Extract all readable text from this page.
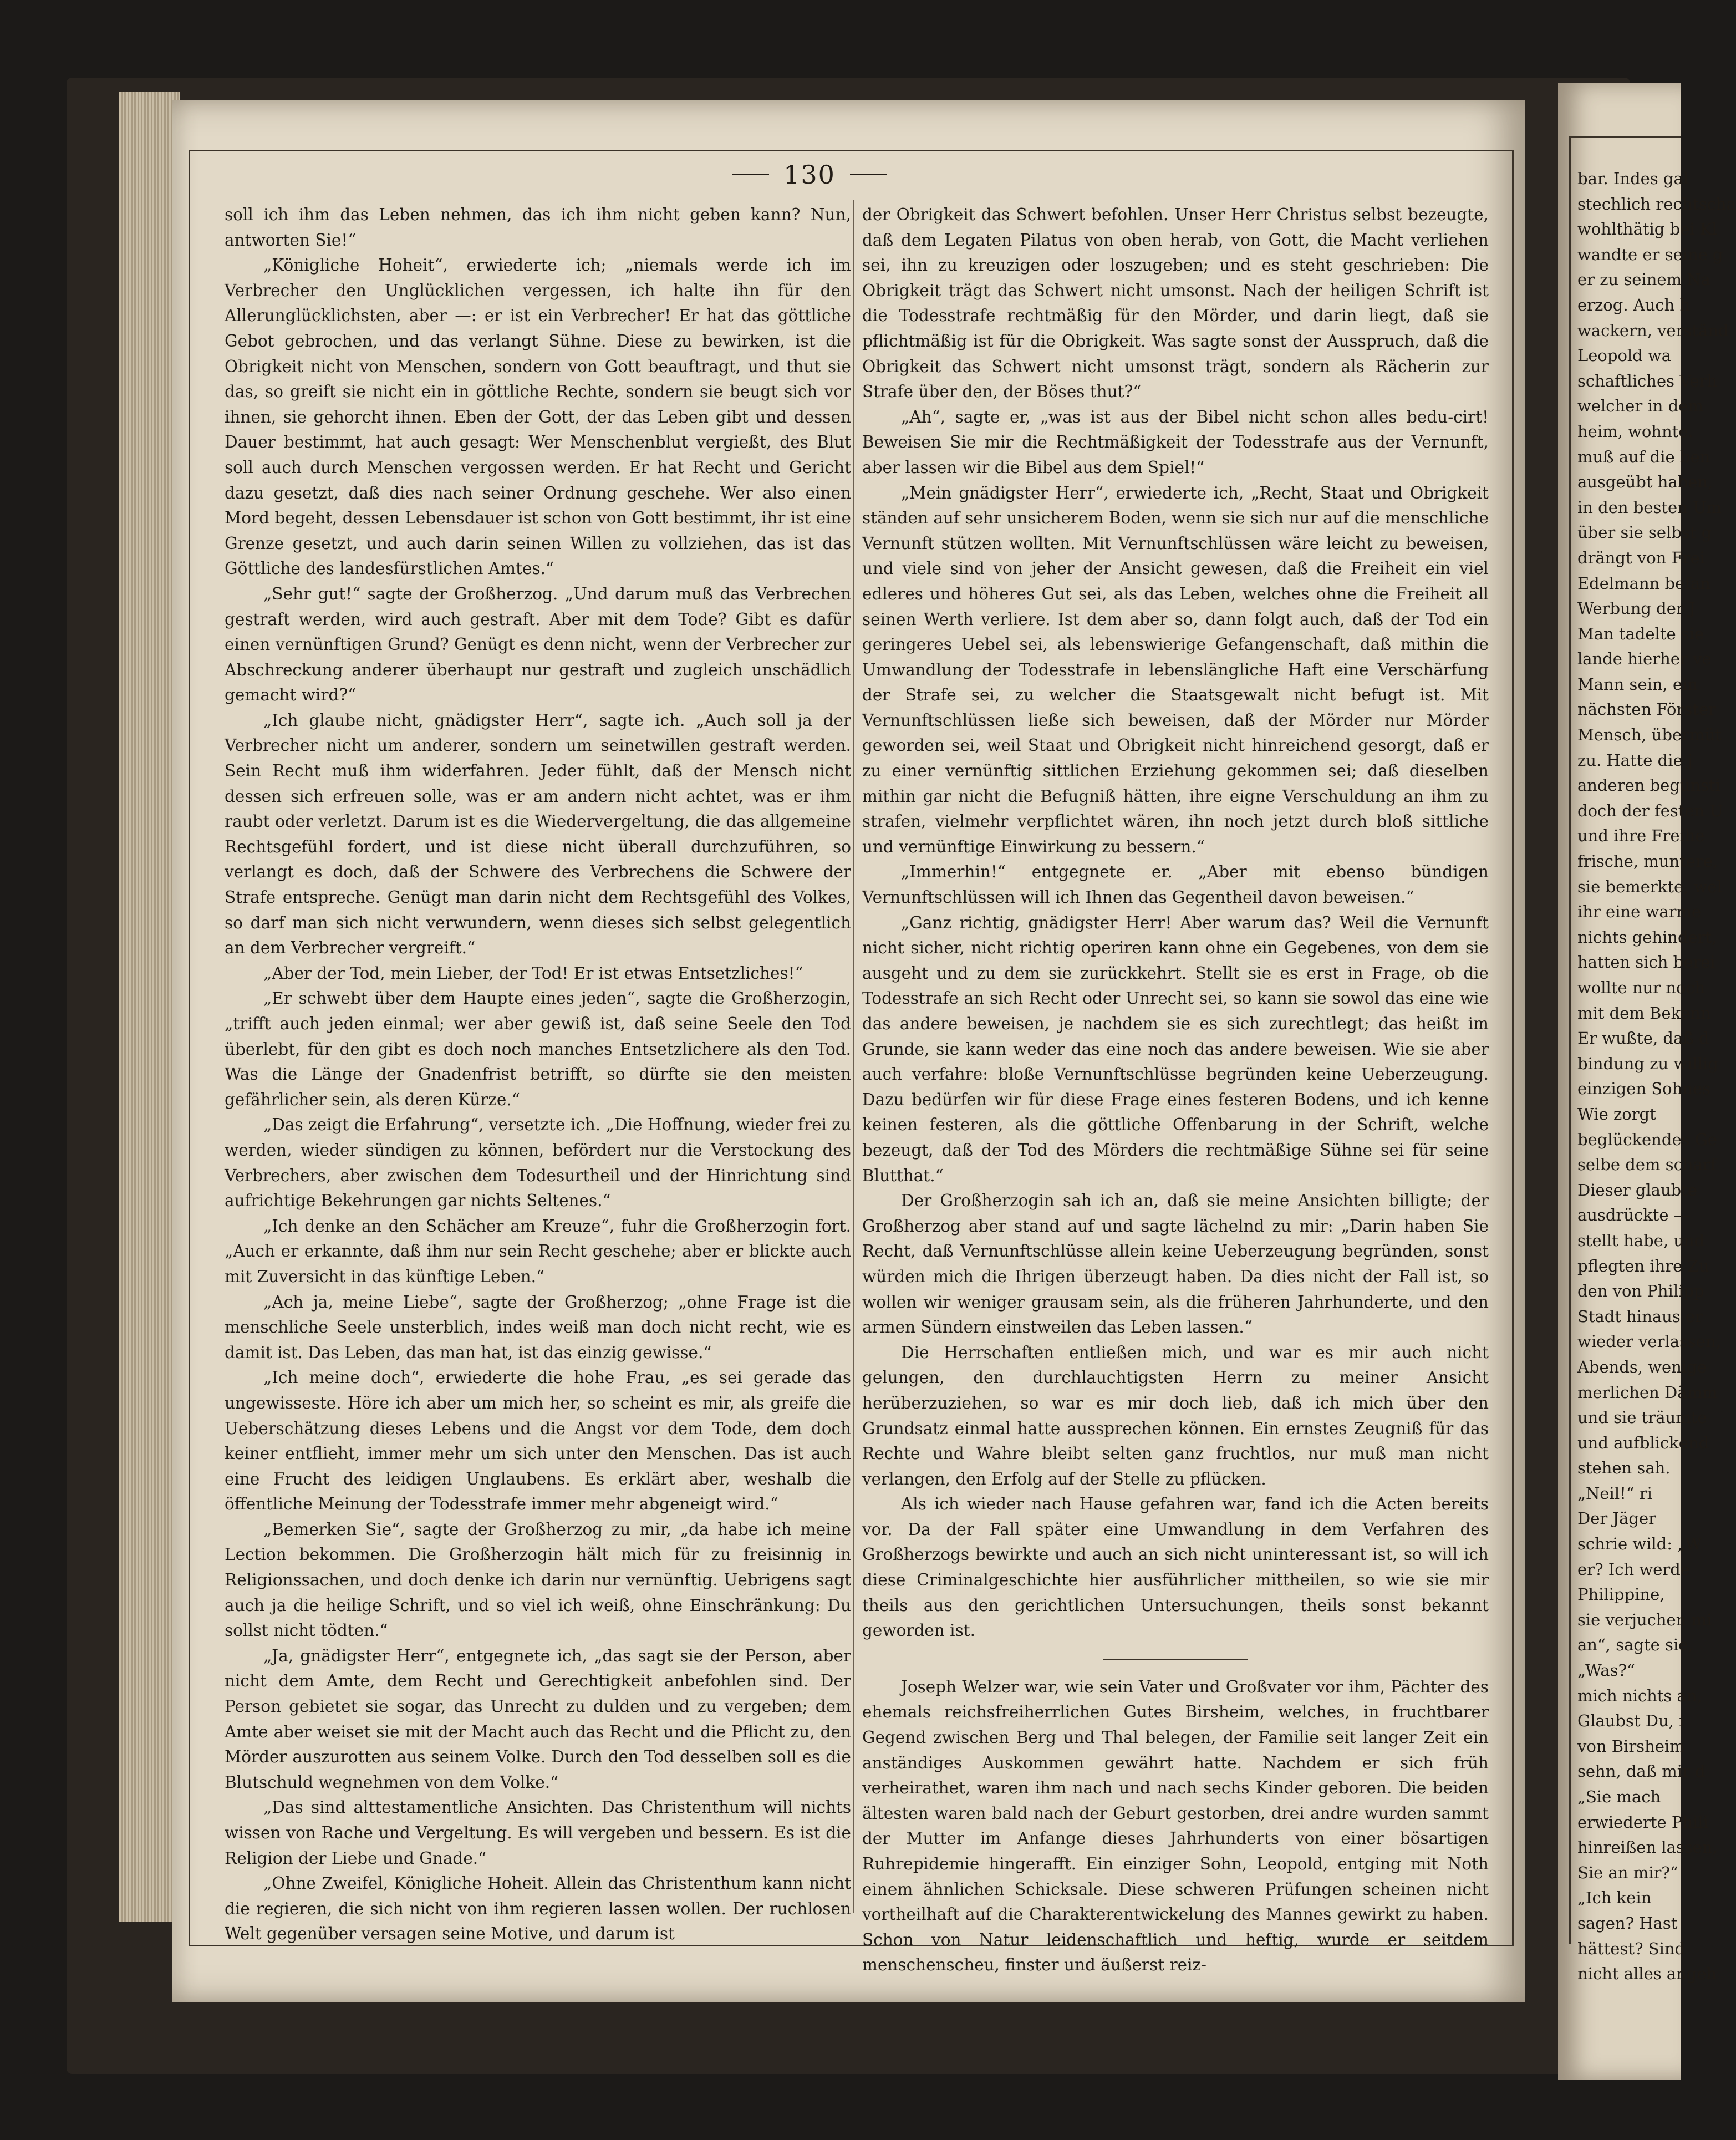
130

soll ich ihm das Leben nehmen, das ich ihm nicht geben kann? Nun, antworten Sie!“

„Königliche Hoheit“, erwiederte ich; „niemals werde ich im Verbrecher den Unglücklichen vergessen, ich halte ihn für den Allerunglücklichsten, aber —: er ist ein Verbrecher! Er hat das göttliche Gebot gebrochen, und das verlangt Sühne. Diese zu bewirken, ist die Obrigkeit nicht von Menschen, sondern von Gott beauftragt, und thut sie das, so greift sie nicht ein in göttliche Rechte, sondern sie beugt sich vor ihnen, sie gehorcht ihnen. Eben der Gott, der das Leben gibt und dessen Dauer bestimmt, hat auch gesagt: Wer Menschenblut vergießt, des Blut soll auch durch Menschen vergossen werden. Er hat Recht und Gericht dazu gesetzt, daß dies nach seiner Ordnung geschehe. Wer also einen Mord begeht, dessen Lebensdauer ist schon von Gott bestimmt, ihr ist eine Grenze gesetzt, und auch darin seinen Willen zu vollziehen, das ist das Göttliche des landesfürstlichen Amtes.“

„Sehr gut!“ sagte der Großherzog. „Und darum muß das Verbrechen gestraft werden, wird auch gestraft. Aber mit dem Tode? Gibt es dafür einen vernünftigen Grund? Genügt es denn nicht, wenn der Verbrecher zur Abschreckung anderer überhaupt nur gestraft und zugleich unschädlich gemacht wird?“

„Ich glaube nicht, gnädigster Herr“, sagte ich. „Auch soll ja der Verbrecher nicht um anderer, sondern um seinetwillen gestraft werden. Sein Recht muß ihm widerfahren. Jeder fühlt, daß der Mensch nicht dessen sich erfreuen solle, was er am andern nicht achtet, was er ihm raubt oder verletzt. Darum ist es die Wiedervergeltung, die das allgemeine Rechtsgefühl fordert, und ist diese nicht überall durchzuführen, so verlangt es doch, daß der Schwere des Verbrechens die Schwere der Strafe entspreche. Genügt man darin nicht dem Rechtsgefühl des Volkes, so darf man sich nicht verwundern, wenn dieses sich selbst gelegentlich an dem Verbrecher vergreift.“

„Aber der Tod, mein Lieber, der Tod! Er ist etwas Entsetzliches!“

„Er schwebt über dem Haupte eines jeden“, sagte die Großherzogin, „trifft auch jeden einmal; wer aber gewiß ist, daß seine Seele den Tod überlebt, für den gibt es doch noch manches Entsetzlichere als den Tod. Was die Länge der Gnadenfrist betrifft, so dürfte sie den meisten gefährlicher sein, als deren Kürze.“

„Das zeigt die Erfahrung“, versetzte ich. „Die Hoffnung, wieder frei zu werden, wieder sündigen zu können, befördert nur die Verstockung des Verbrechers, aber zwischen dem Todesurtheil und der Hinrichtung sind aufrichtige Bekehrungen gar nichts Seltenes.“

„Ich denke an den Schächer am Kreuze“, fuhr die Großherzogin fort. „Auch er erkannte, daß ihm nur sein Recht geschehe; aber er blickte auch mit Zuversicht in das künftige Leben.“

„Ach ja, meine Liebe“, sagte der Großherzog; „ohne Frage ist die menschliche Seele unsterblich, indes weiß man doch nicht recht, wie es damit ist. Das Leben, das man hat, ist das einzig gewisse.“

„Ich meine doch“, erwiederte die hohe Frau, „es sei gerade das ungewisseste. Höre ich aber um mich her, so scheint es mir, als greife die Ueberschätzung dieses Lebens und die Angst vor dem Tode, dem doch keiner entflieht, immer mehr um sich unter den Menschen. Das ist auch eine Frucht des leidigen Unglaubens. Es erklärt aber, weshalb die öffentliche Meinung der Todesstrafe immer mehr abgeneigt wird.“

„Bemerken Sie“, sagte der Großherzog zu mir, „da habe ich meine Lection bekommen. Die Großherzogin hält mich für zu freisinnig in Religionssachen, und doch denke ich darin nur vernünftig. Uebrigens sagt auch ja die heilige Schrift, und so viel ich weiß, ohne Einschränkung: Du sollst nicht tödten.“

„Ja, gnädigster Herr“, entgegnete ich, „das sagt sie der Person, aber nicht dem Amte, dem Recht und Gerechtigkeit anbefohlen sind. Der Person gebietet sie sogar, das Unrecht zu dulden und zu vergeben; dem Amte aber weiset sie mit der Macht auch das Recht und die Pflicht zu, den Mörder auszurotten aus seinem Volke. Durch den Tod desselben soll es die Blutschuld wegnehmen von dem Volke.“

„Das sind alttestamentliche Ansichten. Das Christenthum will nichts wissen von Rache und Vergeltung. Es will vergeben und bessern. Es ist die Religion der Liebe und Gnade.“

„Ohne Zweifel, Königliche Hoheit. Allein das Christenthum kann nicht die regieren, die sich nicht von ihm regieren lassen wollen. Der ruchlosen Welt gegenüber versagen seine Motive, und darum ist

der Obrigkeit das Schwert befohlen. Unser Herr Christus selbst bezeugte, daß dem Legaten Pilatus von oben herab, von Gott, die Macht verliehen sei, ihn zu kreuzigen oder loszugeben; und es steht geschrieben: Die Obrigkeit trägt das Schwert nicht umsonst. Nach der heiligen Schrift ist die Todesstrafe rechtmäßig für den Mörder, und darin liegt, daß sie pflichtmäßig ist für die Obrigkeit. Was sagte sonst der Ausspruch, daß die Obrigkeit das Schwert nicht umsonst trägt, sondern als Rächerin zur Strafe über den, der Böses thut?“

„Ah“, sagte er, „was ist aus der Bibel nicht schon alles bedu-cirt! Beweisen Sie mir die Rechtmäßigkeit der Todesstrafe aus der Vernunft, aber lassen wir die Bibel aus dem Spiel!“

„Mein gnädigster Herr“, erwiederte ich, „Recht, Staat und Obrigkeit ständen auf sehr unsicherem Boden, wenn sie sich nur auf die menschliche Vernunft stützen wollten. Mit Vernunftschlüssen wäre leicht zu beweisen, und viele sind von jeher der Ansicht gewesen, daß die Freiheit ein viel edleres und höheres Gut sei, als das Leben, welches ohne die Freiheit all seinen Werth verliere. Ist dem aber so, dann folgt auch, daß der Tod ein geringeres Uebel sei, als lebenswierige Gefangenschaft, daß mithin die Umwandlung der Todesstrafe in lebenslängliche Haft eine Verschärfung der Strafe sei, zu welcher die Staatsgewalt nicht befugt ist. Mit Vernunftschlüssen ließe sich beweisen, daß der Mörder nur Mörder geworden sei, weil Staat und Obrigkeit nicht hinreichend gesorgt, daß er zu einer vernünftig sittlichen Erziehung gekommen sei; daß dieselben mithin gar nicht die Befugniß hätten, ihre eigne Verschuldung an ihm zu strafen, vielmehr verpflichtet wären, ihn noch jetzt durch bloß sittliche und vernünftige Einwirkung zu bessern.“

„Immerhin!“ entgegnete er. „Aber mit ebenso bündigen Vernunftschlüssen will ich Ihnen das Gegentheil davon beweisen.“

„Ganz richtig, gnädigster Herr! Aber warum das? Weil die Vernunft nicht sicher, nicht richtig operiren kann ohne ein Gegebenes, von dem sie ausgeht und zu dem sie zurückkehrt. Stellt sie es erst in Frage, ob die Todesstrafe an sich Recht oder Unrecht sei, so kann sie sowol das eine wie das andere beweisen, je nachdem sie es sich zurechtlegt; das heißt im Grunde, sie kann weder das eine noch das andere beweisen. Wie sie aber auch verfahre: bloße Vernunftschlüsse begründen keine Ueberzeugung. Dazu bedürfen wir für diese Frage eines festeren Bodens, und ich kenne keinen festeren, als die göttliche Offenbarung in der Schrift, welche bezeugt, daß der Tod des Mörders die rechtmäßige Sühne sei für seine Blutthat.“

Der Großherzogin sah ich an, daß sie meine Ansichten billigte; der Großherzog aber stand auf und sagte lächelnd zu mir: „Darin haben Sie Recht, daß Vernunftschlüsse allein keine Ueberzeugung begründen, sonst würden mich die Ihrigen überzeugt haben. Da dies nicht der Fall ist, so wollen wir weniger grausam sein, als die früheren Jahrhunderte, und den armen Sündern einstweilen das Leben lassen.“

Die Herrschaften entließen mich, und war es mir auch nicht gelungen, den durchlauchtigsten Herrn zu meiner Ansicht herüberzuziehen, so war es mir doch lieb, daß ich mich über den Grundsatz einmal hatte aussprechen können. Ein ernstes Zeugniß für das Rechte und Wahre bleibt selten ganz fruchtlos, nur muß man nicht verlangen, den Erfolg auf der Stelle zu pflücken.

Als ich wieder nach Hause gefahren war, fand ich die Acten bereits vor. Da der Fall später eine Umwandlung in dem Verfahren des Großherzogs bewirkte und auch an sich nicht uninteressant ist, so will ich diese Criminalgeschichte hier ausführlicher mittheilen, so wie sie mir theils aus den gerichtlichen Untersuchungen, theils sonst bekannt geworden ist.

Joseph Welzer war, wie sein Vater und Großvater vor ihm, Pächter des ehemals reichsfreiherrlichen Gutes Birsheim, welches, in fruchtbarer Gegend zwischen Berg und Thal belegen, der Familie seit langer Zeit ein anständiges Auskommen gewährt hatte. Nachdem er sich früh verheirathet, waren ihm nach und nach sechs Kinder geboren. Die beiden ältesten waren bald nach der Geburt gestorben, drei andre wurden sammt der Mutter im Anfange dieses Jahrhunderts von einer bösartigen Ruhrepidemie hingerafft. Ein einziger Sohn, Leopold, entging mit Noth einem ähnlichen Schicksale. Diese schweren Prüfungen scheinen nicht vortheilhaft auf die Charakterentwickelung des Mannes gewirkt zu haben. Schon von Natur leidenschaftlich und heftig, wurde er seitdem menschenscheu, finster und äußerst reiz-

bar. Indes gal
stechlich rechtscha
wohlthätig bei Kl
wandte er seine g
er zu seinem Na
erzog. Auch h
wackern, verständ
Leopold wa
schaftliches Verh
welcher in dem
heim, wohnte.
muß auf die ben
ausgeübt haben,
in den besten Um
über sie selbst g
drängt von Frei
Edelmann befan
Werbung der J
Man tadelte sie
lande hierher ve
Mann sein, ein
nächsten Förster
Mensch, übermüt
zu. Hatte die j
anderen begünsti
doch der festen U
und ihre Freihe
frische, muntere,
sie bemerkte, wel
ihr eine warme
nichts gehindert,
hatten sich berei
wollte nur noch
mit dem Bekenn
Er wußte, daß d
bindung zu willig
einzigen Sohnes
Wie zorgt
beglückendes Ge
selbe dem scharf
Dieser glaubte
ausdrückte —
stellt habe, und
pflegten ihre Zu
den von Philipp
Stadt hinaus er
wieder verlassen,
Abends, wenige
merlichen Dämm
und sie träumte
und aufblickend
stehen sah.
„Neil!“ ri
Der Jäger
schrie wild: „W
er? Ich werde
Philippine,
sie verjuchen mi
an“, sagte sie,
„Was?“
mich nichts an,
Glaubst Du, i
von Birsheim
sehn, daß mir d
„Sie mach
erwiederte Phili
hinreißen lassen,
Sie an mir?“
„Ich kein
sagen? Hast
hättest? Sind
nicht alles angeh
